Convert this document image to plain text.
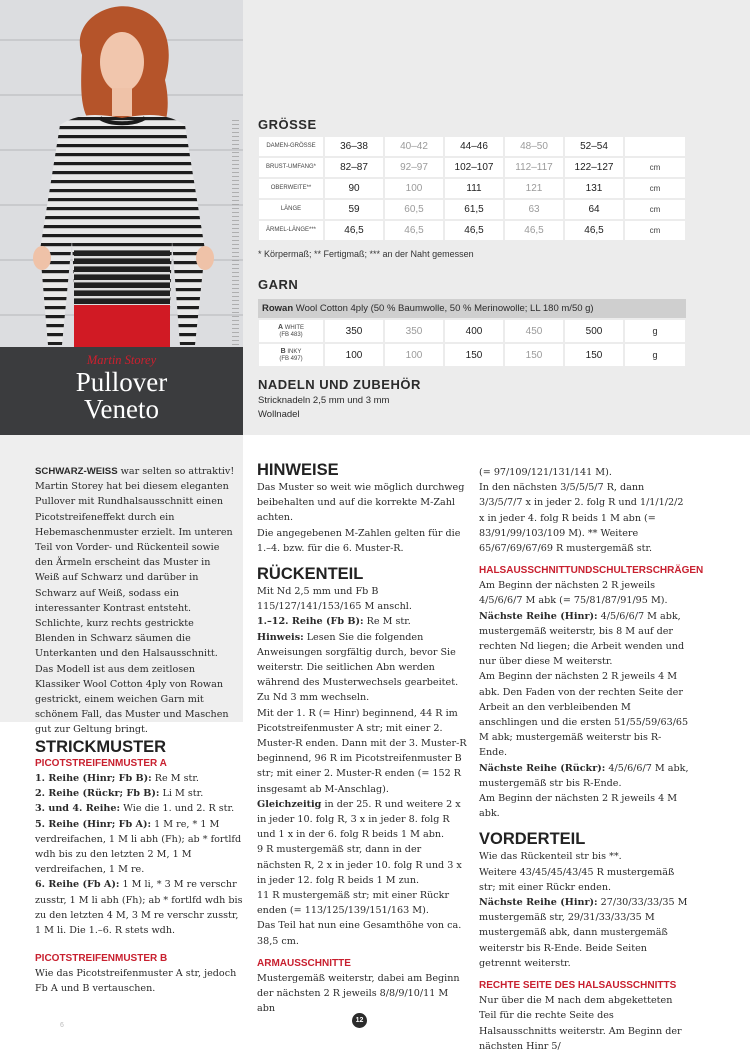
Martin Storey
Pullover
Veneto
GRÖSSE
DAMEN-GRÖSSE	36–38	40–42	44–46	48–50	52–54	
BRUST-UMFANG*	82–87	92–97	102–107	112–117	122–127	cm
OBERWEITE**	90	100	111	121	131	cm
LÄNGE	59	60,5	61,5	63	64	cm
ÄRMEL-LÄNGE***	46,5	46,5	46,5	46,5	46,5	cm
* Körpermaß; ** Fertigmaß; *** an der Naht gemessen
GARN
Rowan Wool Cotton 4ply (50 % Baumwolle, 50 % Merinowolle; LL 180 m/50 g)
A WHITE
(FB 483)	350	350	400	450	500	g
B INKY
(FB 497)	100	100	150	150	150	g
NADELN UND ZUBEHÖR
Stricknadeln 2,5 mm und 3 mm
Wollnadel

SCHWARZ-WEISS war selten so attraktiv! Martin Storey hat bei diesem eleganten Pullover mit Rundhalsausschnitt einen Picotstreifeneffekt durch ein Hebemaschenmuster erzielt. Im unteren Teil von Vorder- und Rückenteil sowie den Ärmeln erscheint das Muster in Weiß auf Schwarz und darüber in Schwarz auf Weiß, sodass ein interessanter Kontrast entsteht. Schlichte, kurz rechts gestrickte Blenden in Schwarz säumen die Unterkanten und den Halsausschnitt. Das Modell ist aus dem zeitlosen Klassiker Wool Cotton 4ply von Rowan gestrickt, einem weichen Garn mit schönem Fall, das Muster und Maschen gut zur Geltung bringt.

STRICKMUSTER
PICOTSTREIFENMUSTER A

1. Reihe (Hinr; Fb B): Re M str.

2. Reihe (Rückr; Fb B): Li M str.

3. und 4. Reihe: Wie die 1. und 2. R str.

5. Reihe (Hinr; Fb A): 1 M re, * 1 M verdreifachen, 1 M li abh (Fh); ab * fortlfd wdh bis zu den letzten 2 M, 1 M verdreifachen, 1 M re.

6. Reihe (Fb A): 1 M li, * 3 M re verschr zusstr, 1 M li abh (Fh); ab * fortlfd wdh bis zu den letzten 4 M, 3 M re verschr zusstr, 1 M li. Die 1.–6. R stets wdh.

PICOTSTREIFENMUSTER B

Wie das Picotstreifenmuster A str, jedoch Fb A und B vertauschen.

HINWEISE

Das Muster so weit wie möglich durchweg beibehalten und auf die korrekte M-Zahl achten.

Die angegebenen M-Zahlen gelten für die 1.–4. bzw. für die 6. Muster-R.

RÜCKENTEIL

Mit Nd 2,5 mm und Fb B 115/127/141/153/165 M anschl.

1.–12. Reihe (Fb B): Re M str.

Hinweis: Lesen Sie die folgenden Anweisungen sorgfältig durch, bevor Sie weiterstr. Die seitlichen Abn werden während des Musterwechsels gearbeitet.

Zu Nd 3 mm wechseln.

Mit der 1. R (= Hinr) beginnend, 44 R im Picotstreifenmuster A str; mit einer 2. Muster-R enden. Dann mit der 3. Muster-R beginnend, 96 R im Picotstreifenmuster B str; mit einer 2. Muster-R enden (= 152 R insgesamt ab M-Anschlag).

Gleichzeitig in der 25. R und weitere 2 x in jeder 10. folg R, 3 x in jeder 8. folg R und 1 x in der 6. folg R beids 1 M abn.

9 R mustergemäß str, dann in der nächsten R, 2 x in jeder 10. folg R und 3 x in jeder 12. folg R beids 1 M zun.

11 R mustergemäß str; mit einer Rückr enden (= 113/125/139/151/163 M).

Das Teil hat nun eine Gesamthöhe von ca. 38,5 cm.

ARMAUSSCHNITTE

Mustergemäß weiterstr, dabei am Beginn der nächsten 2 R jeweils 8/8/9/10/11 M abn

(= 97/109/121/131/141 M).

In den nächsten 3/5/5/5/7 R, dann 3/3/5/7/7 x in jeder 2. folg R und 1/1/1/2/2 x in jeder 4. folg R beids 1 M abn (= 83/91/99/103/109 M). ** Weitere 65/67/69/67/69 R mustergemäß str.

HALSAUSSCHNITTUNDSCHULTERSCHRÄGEN

Am Beginn der nächsten 2 R jeweils 4/5/6/6/7 M abk (= 75/81/87/91/95 M).

Nächste Reihe (Hinr): 4/5/6/6/7 M abk, mustergemäß weiterstr, bis 8 M auf der rechten Nd liegen; die Arbeit wenden und nur über diese M weiterstr.

Am Beginn der nächsten 2 R jeweils 4 M abk. Den Faden von der rechten Seite der Arbeit an den verbleibenden M anschlingen und die ersten 51/55/59/63/65 M abk; mustergemäß weiterstr bis R-Ende.

Nächste Reihe (Rückr): 4/5/6/6/7 M abk, mustergemäß str bis R-Ende.

Am Beginn der nächsten 2 R jeweils 4 M abk.

VORDERTEIL

Wie das Rückenteil str bis **.

Weitere 43/45/45/43/45 R mustergemäß str; mit einer Rückr enden.

Nächste Reihe (Hinr): 27/30/33/33/35 M mustergemäß str, 29/31/33/33/35 M mustergemäß abk, dann mustergemäß weiterstr bis R-Ende. Beide Seiten getrennt weiterstr.

RECHTE SEITE DES HALSAUSSCHNITTS

Nur über die M nach dem abgeketteten Teil für die rechte Seite des Halsausschnitts weiterstr. Am Beginn der nächsten Hinr 5/

6
12
